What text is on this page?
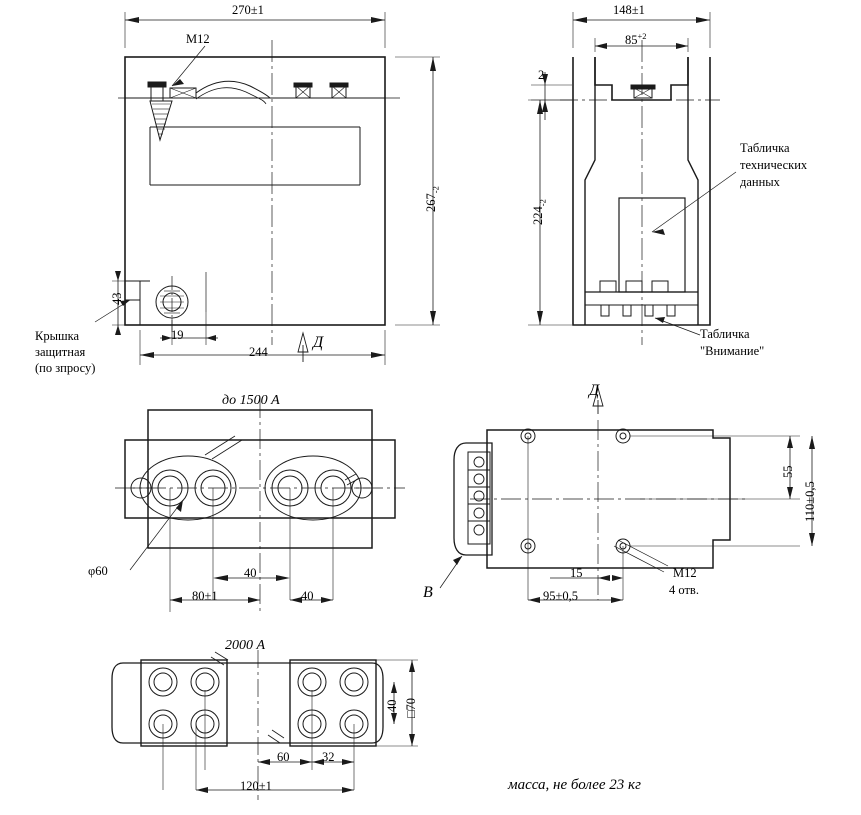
270±1
М12
$267_{-2}$
244
19
43
Крышка
защитная
(по зпросу)
Д
148±1
$85^{+2}$
2
$224_{-2}$
Табличка
технических
данных
Табличка
"Внимание"
Д
до 1500 А
φ60	40
80±1	40
55
110±0,5
15
95±0,5
М12
4 отв.
В
2000 А
40 □70
60	32
120±1	масса, не более 23 кг
